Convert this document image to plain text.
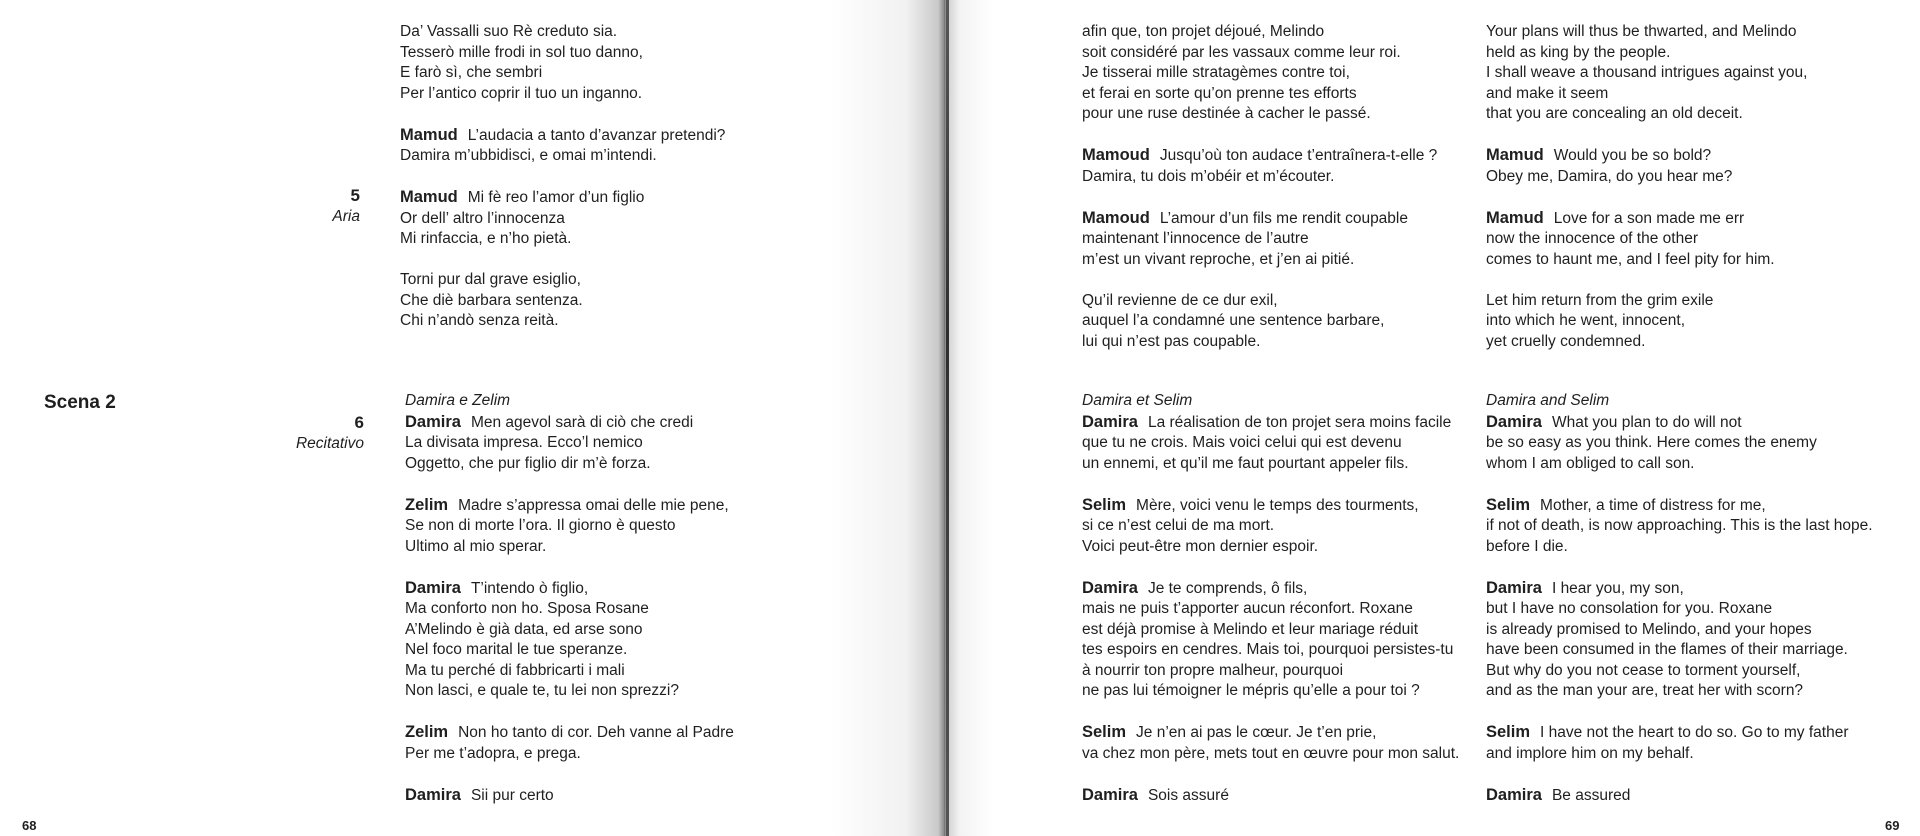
Scena 2
5
Aria
6
Recitativo
Da’ Vassalli suo Rè creduto sia.
Tesserò mille frodi in sol tuo danno,
E farò sì, che sembri
Per l’antico coprir il tuo un inganno.
Mamud L’audacia a tanto d’avanzar pretendi?
Damira m’ubbidisci, e omai m’intendi.
Mamud Mi fè reo l’amor d’un figlio
Or dell’ altro l’innocenza
Mi rinfaccia, e n’ho pietà.
Torni pur dal grave esiglio,
Che diè barbara sentenza.
Chi n’andò senza reità.
Damira e Zelim
Damira Men agevol sarà di ciò che credi
La divisata impresa. Ecco’l nemico
Oggetto, che pur figlio dir m’è forza.
Zelim Madre s’appressa omai delle mie pene,
Se non di morte l’ora. Il giorno è questo
Ultimo al mio sperar.
Damira T’intendo ò figlio,
Ma conforto non ho. Sposa Rosane
A’Melindo è già data, ed arse sono
Nel foco marital le tue speranze.
Ma tu perché di fabbricarti i mali
Non lasci, e quale te, tu lei non sprezzi?
Zelim Non ho tanto di cor. Deh vanne al Padre
Per me t’adopra, e prega.
Damira Sii pur certo
68
afin que, ton projet déjoué, Melindo
soit considéré par les vassaux comme leur roi.
Je tisserai mille stratagèmes contre toi,
et ferai en sorte qu’on prenne tes efforts
pour une ruse destinée à cacher le passé.
Mamoud Jusqu’où ton audace t’entraînera-t-elle ?
Damira, tu dois m’obéir et m’écouter.
Mamoud L’amour d’un fils me rendit coupable
maintenant l’innocence de l’autre
m’est un vivant reproche, et j’en ai pitié.
Qu’il revienne de ce dur exil,
auquel l’a condamné une sentence barbare,
lui qui n’est pas coupable.
Damira et Selim
Damira La réalisation de ton projet sera moins facile
que tu ne crois. Mais voici celui qui est devenu
un ennemi, et qu’il me faut pourtant appeler fils.
Selim Mère, voici venu le temps des tourments,
si ce n’est celui de ma mort.
Voici peut-être mon dernier espoir.
Damira Je te comprends, ô fils,
mais ne puis t’apporter aucun réconfort. Roxane
est déjà promise à Melindo et leur mariage réduit
tes espoirs en cendres. Mais toi, pourquoi persistes-tu
à nourrir ton propre malheur, pourquoi
ne pas lui témoigner le mépris qu’elle a pour toi ?
Selim Je n’en ai pas le cœur. Je t’en prie,
va chez mon père, mets tout en œuvre pour mon salut.
Damira Sois assuré
Your plans will thus be thwarted, and Melindo
held as king by the people.
I shall weave a thousand intrigues against you,
and make it seem
that you are concealing an old deceit.
Mamud Would you be so bold?
Obey me, Damira, do you hear me?
Mamud Love for a son made me err
now the innocence of the other
comes to haunt me, and I feel pity for him.
Let him return from the grim exile
into which he went, innocent,
yet cruelly condemned.
Damira and Selim
Damira What you plan to do will not
be so easy as you think. Here comes the enemy
whom I am obliged to call son.
Selim Mother, a time of distress for me,
if not of death, is now approaching. This is the last hope.
before I die.
Damira I hear you, my son,
but I have no consolation for you. Roxane
is already promised to Melindo, and your hopes
have been consumed in the flames of their marriage.
But why do you not cease to torment yourself,
and as the man your are, treat her with scorn?
Selim I have not the heart to do so. Go to my father
and implore him on my behalf.
Damira Be assured
69
